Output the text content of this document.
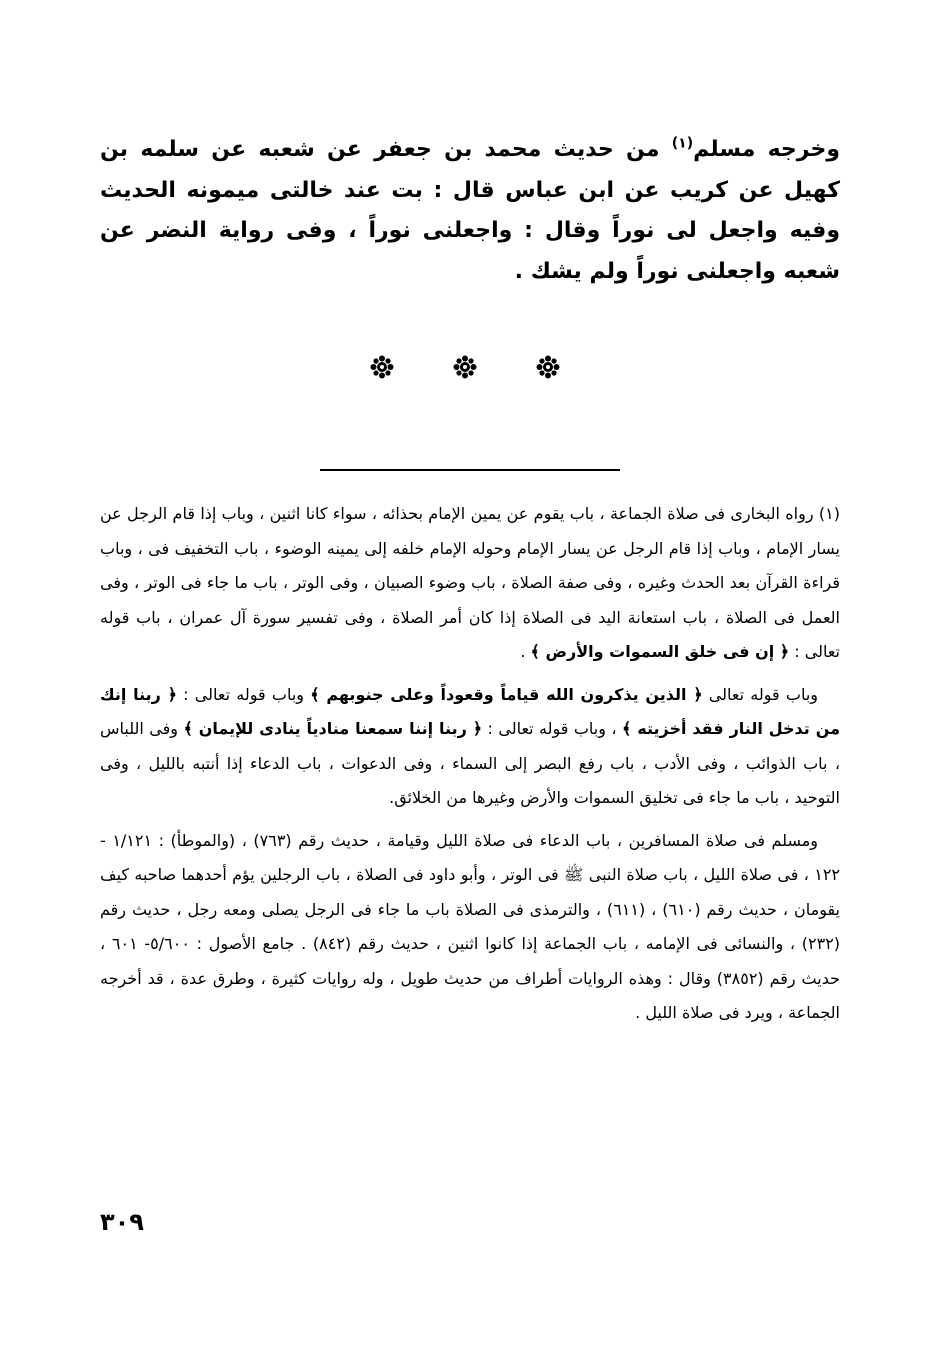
وخرجه مسلم$^{(١)}$ من حديث محمد بن جعفر عن شعبه عن سلمه بن كهيل عن كريب عن ابن عباس قال : بت عند خالتى ميمونه الحديث وفيه واجعل لى نوراً وقال : واجعلنى نوراً ، وفى رواية النضر عن شعبه واجعلنى نوراً ولم يشك .

(١) رواه البخارى فى صلاة الجماعة ، باب يقوم عن يمين الإمام بحذائه ، سواء كانا اثنين ، وباب إذا قام الرجل عن يسار الإمام ، وباب إذا قام الرجل عن يسار الإمام وحوله الإمام خلفه إلى يمينه الوضوء ، باب التخفيف فى ، وباب قراءة القرآن بعد الحدث وغيره ، وفى صفة الصلاة ، باب وضوء الصبيان ، وفى الوتر ، باب ما جاء فى الوتر ، وفى العمل فى الصلاة ، باب استعانة اليد فى الصلاة إذا كان أمر الصلاة ، وفى تفسير سورة آل عمران ، باب قوله تعالى : ﴿ إن فى خلق السموات والأرض ﴾ .

وباب قوله تعالى ﴿ الذين يذكرون الله قياماً وقعوداً وعلى جنوبهم ﴾ وباب قوله تعالى : ﴿ ربنا إنك من تدخل النار فقد أخزيته ﴾ ، وباب قوله تعالى : ﴿ ربنا إننا سمعنا منادياً ينادى للإيمان ﴾ وفى اللباس ، باب الذوائب ، وفى الأدب ، باب رفع البصر إلى السماء ، وفى الدعوات ، باب الدعاء إذا أنتبه بالليل ، وفى التوحيد ، باب ما جاء فى تخليق السموات والأرض وغيرها من الخلائق.

ومسلم فى صلاة المسافرين ، باب الدعاء فى صلاة الليل وقيامة ، حديث رقم (٧٦٣) ، (والموطأ) : ١/١٢١ - ١٢٢ ، فى صلاة الليل ، باب صلاة النبى ﷺ فى الوتر ، وأبو داود فى الصلاة ، باب الرجلين يؤم أحدهما صاحبه كيف يقومان ، حديث رقم (٦١٠) ، (٦١١) ، والترمذى فى الصلاة باب ما جاء فى الرجل يصلى ومعه رجل ، حديث رقم (٢٣٢) ، والنسائى فى الإمامه ، باب الجماعة إذا كانوا اثنين ، حديث رقم (٨٤٢) . جامع الأصول : ٥/٦٠٠- ٦٠١ ، حديث رقم (٣٨٥٢) وقال : وهذه الروايات أطراف من حديث طويل ، وله روايات كثيرة ، وطرق عدة ، قد أخرجه الجماعة ، ويرد فى صلاة الليل .

٣٠٩
